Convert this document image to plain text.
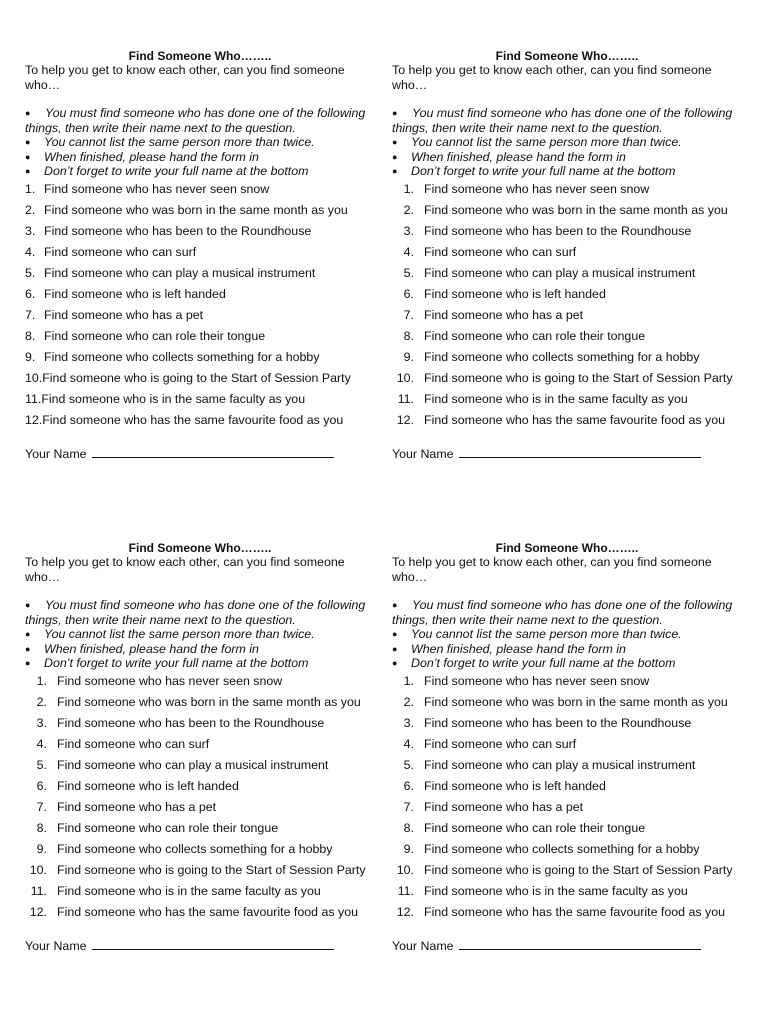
Find Someone Who……..
To help you get to know each other, can you find someone who…
● You must find someone who has done one of the following things, then write their name next to the question.
● You cannot list the same person more than twice.
● When finished, please hand the form in
● Don’t forget to write your full name at the bottom
1. Find someone who has never seen snow
2. Find someone who was born in the same month as you
3. Find someone who has been to the Roundhouse
4. Find someone who can surf
5. Find someone who can play a musical instrument
6. Find someone who is left handed
7. Find someone who has a pet
8. Find someone who can role their tongue
9. Find someone who collects something for a hobby
10.Find someone who is going to the Start of Session Party
11.Find someone who is in the same faculty as you
12.Find someone who has the same favourite food as you
Your Name
Find Someone Who……..
To help you get to know each other, can you find someone who…
● You must find someone who has done one of the following things, then write their name next to the question.
● You cannot list the same person more than twice.
● When finished, please hand the form in
● Don’t forget to write your full name at the bottom
1. Find someone who has never seen snow
2. Find someone who was born in the same month as you
3. Find someone who has been to the Roundhouse
4. Find someone who can surf
5. Find someone who can play a musical instrument
6. Find someone who is left handed
7. Find someone who has a pet
8. Find someone who can role their tongue
9. Find someone who collects something for a hobby
10. Find someone who is going to the Start of Session Party
11. Find someone who is in the same faculty as you
12. Find someone who has the same favourite food as you
Your Name
Find Someone Who……..
To help you get to know each other, can you find someone who…
● You must find someone who has done one of the following things, then write their name next to the question.
● You cannot list the same person more than twice.
● When finished, please hand the form in
● Don’t forget to write your full name at the bottom
1. Find someone who has never seen snow
2. Find someone who was born in the same month as you
3. Find someone who has been to the Roundhouse
4. Find someone who can surf
5. Find someone who can play a musical instrument
6. Find someone who is left handed
7. Find someone who has a pet
8. Find someone who can role their tongue
9. Find someone who collects something for a hobby
10. Find someone who is going to the Start of Session Party
11. Find someone who is in the same faculty as you
12. Find someone who has the same favourite food as you
Your Name
Find Someone Who……..
To help you get to know each other, can you find someone who…
● You must find someone who has done one of the following things, then write their name next to the question.
● You cannot list the same person more than twice.
● When finished, please hand the form in
● Don’t forget to write your full name at the bottom
1. Find someone who has never seen snow
2. Find someone who was born in the same month as you
3. Find someone who has been to the Roundhouse
4. Find someone who can surf
5. Find someone who can play a musical instrument
6. Find someone who is left handed
7. Find someone who has a pet
8. Find someone who can role their tongue
9. Find someone who collects something for a hobby
10. Find someone who is going to the Start of Session Party
11. Find someone who is in the same faculty as you
12. Find someone who has the same favourite food as you
Your Name
